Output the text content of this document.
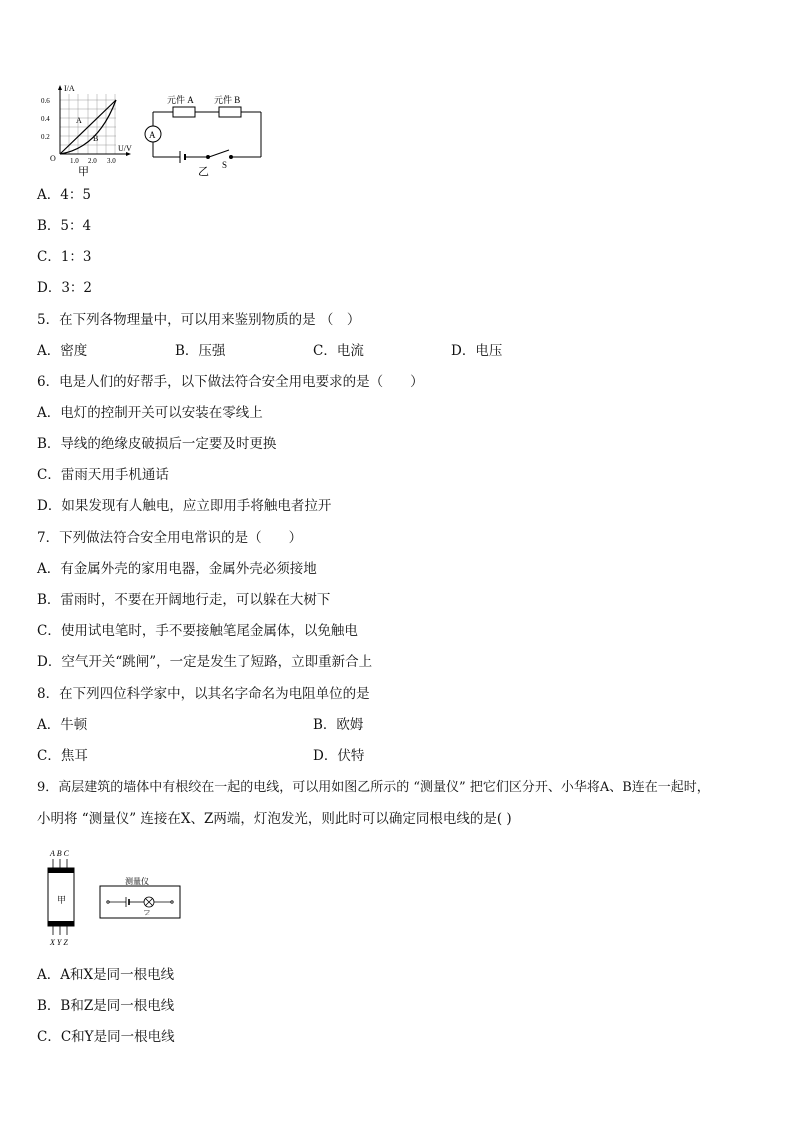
I/A
0.6
0.4
0.2
O 1.0 2.0 3.0
U/V
A
B
甲
A
元件 A 元件 B
S
乙
A．4：5
B．5：4
C．1：3
D．3：2
5．在下列各物理量中，可以用来鉴别物质的是 （　）
A．密度	B．压强	C．电流	D．电压
6．电是人们的好帮手，以下做法符合安全用电要求的是（　　）
A．电灯的控制开关可以安装在零线上
B．导线的绝缘皮破损后一定要及时更换
C．雷雨天用手机通话
D．如果发现有人触电，应立即用手将触电者拉开
7．下列做法符合安全用电常识的是（　　）
A．有金属外壳的家用电器，金属外壳必须接地
B．雷雨时，不要在开阔地行走，可以躲在大树下
C．使用试电笔时，手不要接触笔尾金属体，以免触电
D．空气开关“跳闸”，一定是发生了短路，立即重新合上
8．在下列四位科学家中，以其名字命名为电阻单位的是
A．牛顿	B．欧姆
C．焦耳	D．伏特
9．高层建筑的墙体中有根绞在一起的电线，可以用如图乙所示的 “测量仪” 把它们区分开、小华将A、B连在一起时，
小明将 “测量仪” 连接在X、Z两端，灯泡发光，则此时可以确定同根电线的是( )
A B C
甲
X Y Z
测量仪
乙
A．A和X是同一根电线
B．B和Z是同一根电线
C．C和Y是同一根电线
